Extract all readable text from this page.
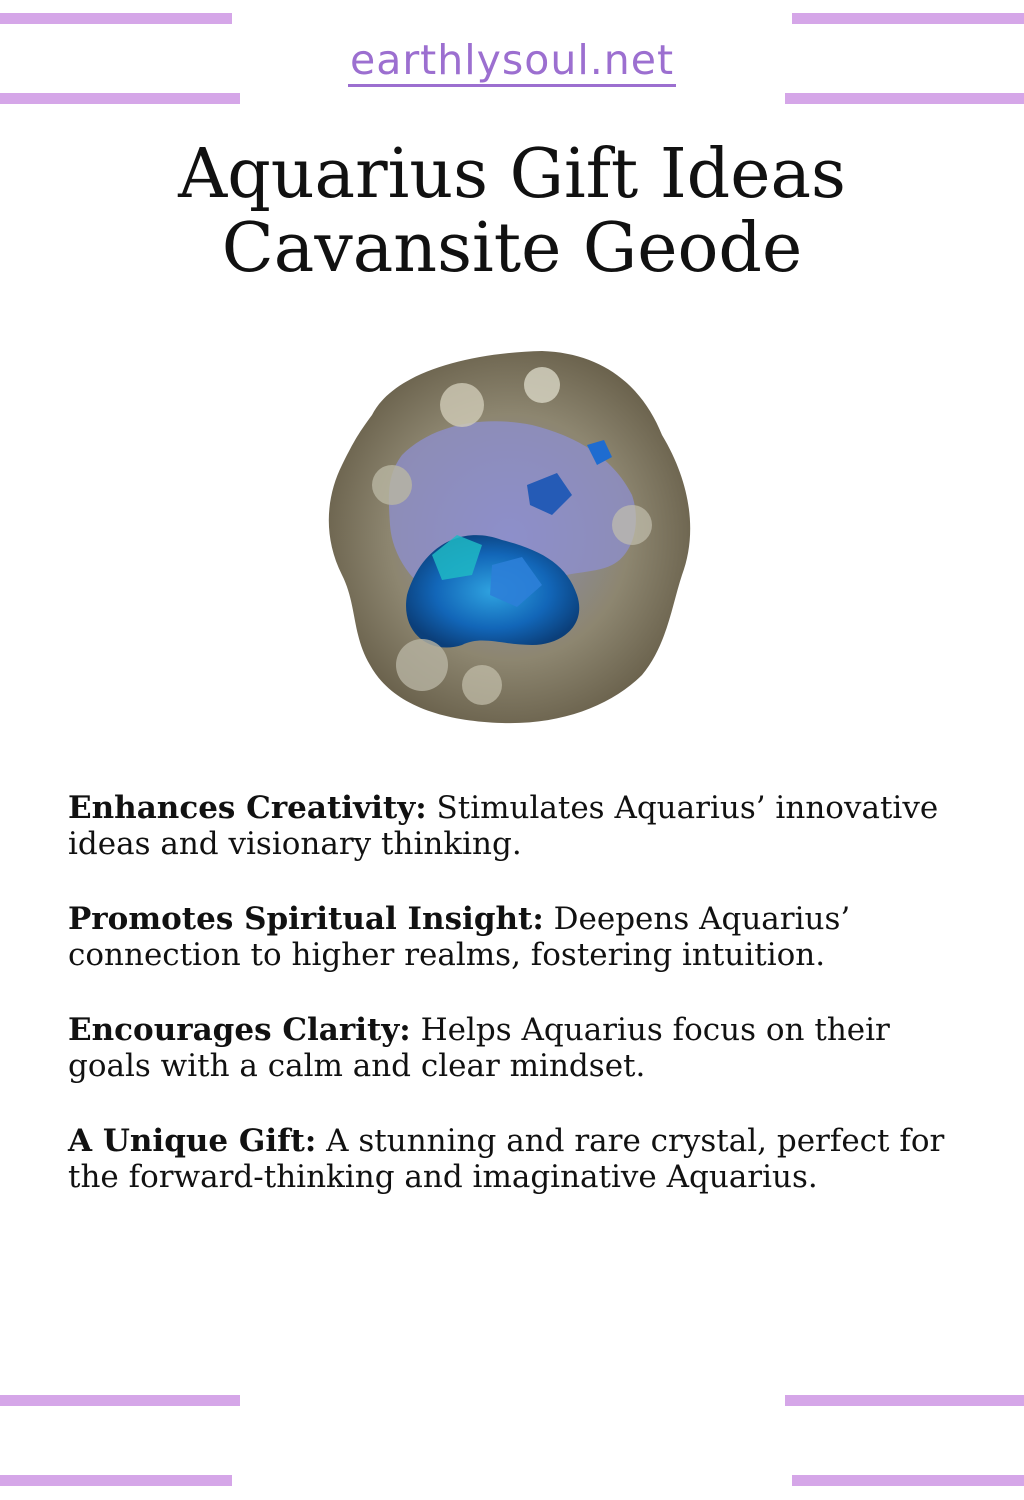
earthlysoul.net
Aquarius Gift Ideas
Cavansite Geode

Enhances Creativity: Stimulates Aquarius’ innovative ideas and visionary thinking.

Promotes Spiritual Insight: Deepens Aquarius’ connection to higher realms, fostering intuition.

Encourages Clarity: Helps Aquarius focus on their goals with a calm and clear mindset.

A Unique Gift: A stunning and rare crystal, perfect for the forward-thinking and imaginative Aquarius.
